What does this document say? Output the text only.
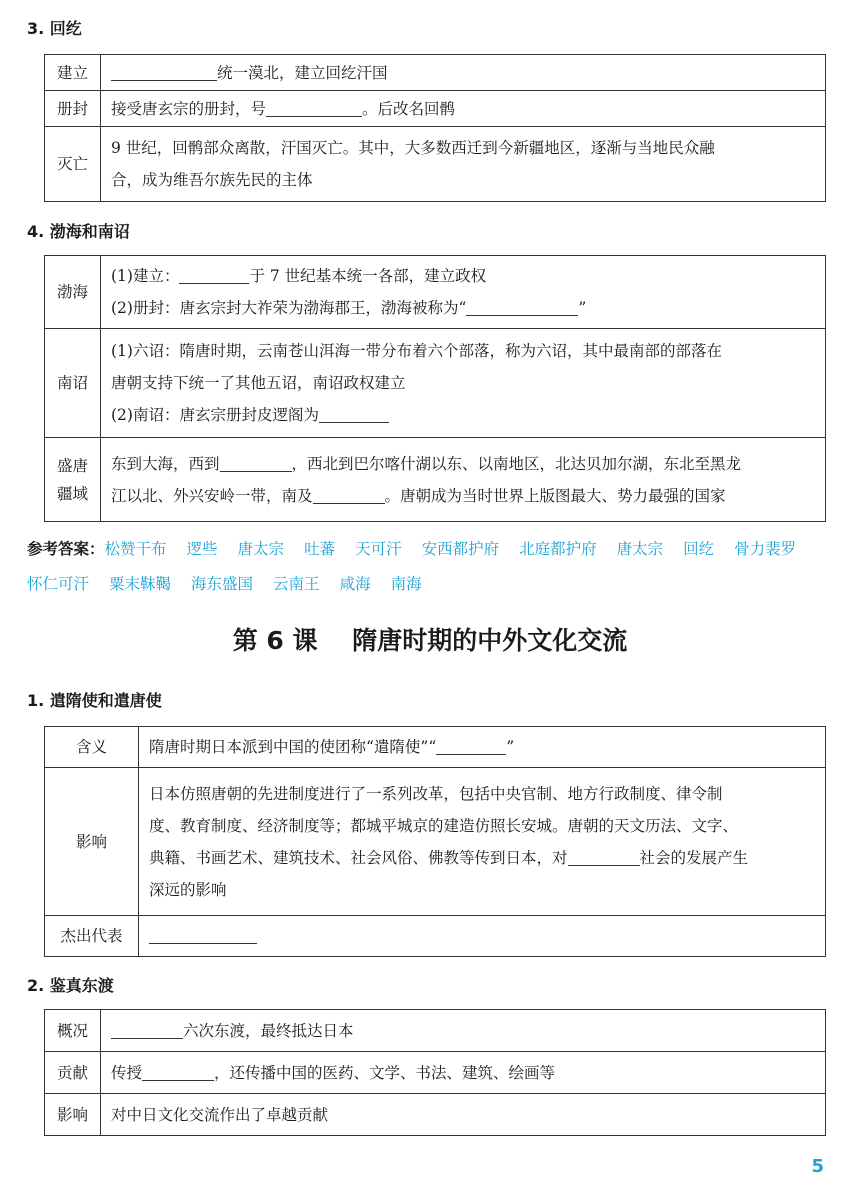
3. 回纥
建立	统一漠北，建立回纥汗国
册封	接受唐玄宗的册封，号 。后改名回鹘
灭亡	9 世纪，回鹘部众离散，汗国灭亡。其中，大多数西迁到今新疆地区，逐渐与当地民众融
合，成为维吾尔族先民的主体
4. 渤海和南诏
渤海	(1)建立： 于 7 世纪基本统一各部，建立政权
(2)册封：唐玄宗封大祚荣为渤海郡王，渤海被称为“ ”

南诏	(1)六诏：隋唐时期，云南苍山洱海一带分布着六个部落，称为六诏，其中最南部的部落在
唐朝支持下统一了其他五诏，南诏政权建立
(2)南诏：唐玄宗册封皮逻阁为

盛唐
疆域	东到大海，西到 ，西北到巴尔喀什湖以东、以南地区，北达贝加尔湖，东北至黑龙
江以北、外兴安岭一带，南及 。唐朝成为当时世界上版图最大、势力最强的国家
参考答案：松赞干布 逻些 唐太宗 吐蕃 天可汗 安西都护府 北庭都护府 唐太宗 回纥 骨力裴罗怀仁可汗 粟末靺鞨 海东盛国 云南王 咸海 南海
第 6 课    隋唐时期的中外文化交流
1. 遣隋使和遣唐使
含义	隋唐时期日本派到中国的使团称“遣隋使”“ ”
影响	日本仿照唐朝的先进制度进行了一系列改革，包括中央官制、地方行政制度、律令制
度、教育制度、经济制度等；都城平城京的建造仿照长安城。唐朝的天文历法、文字、
典籍、书画艺术、建筑技术、社会风俗、佛教等传到日本，对 社会的发展产生
深远的影响

杰出代表	
2. 鉴真东渡
概况	六次东渡，最终抵达日本
贡献	传授 ，还传播中国的医药、文学、书法、建筑、绘画等
影响	对中日文化交流作出了卓越贡献
5
